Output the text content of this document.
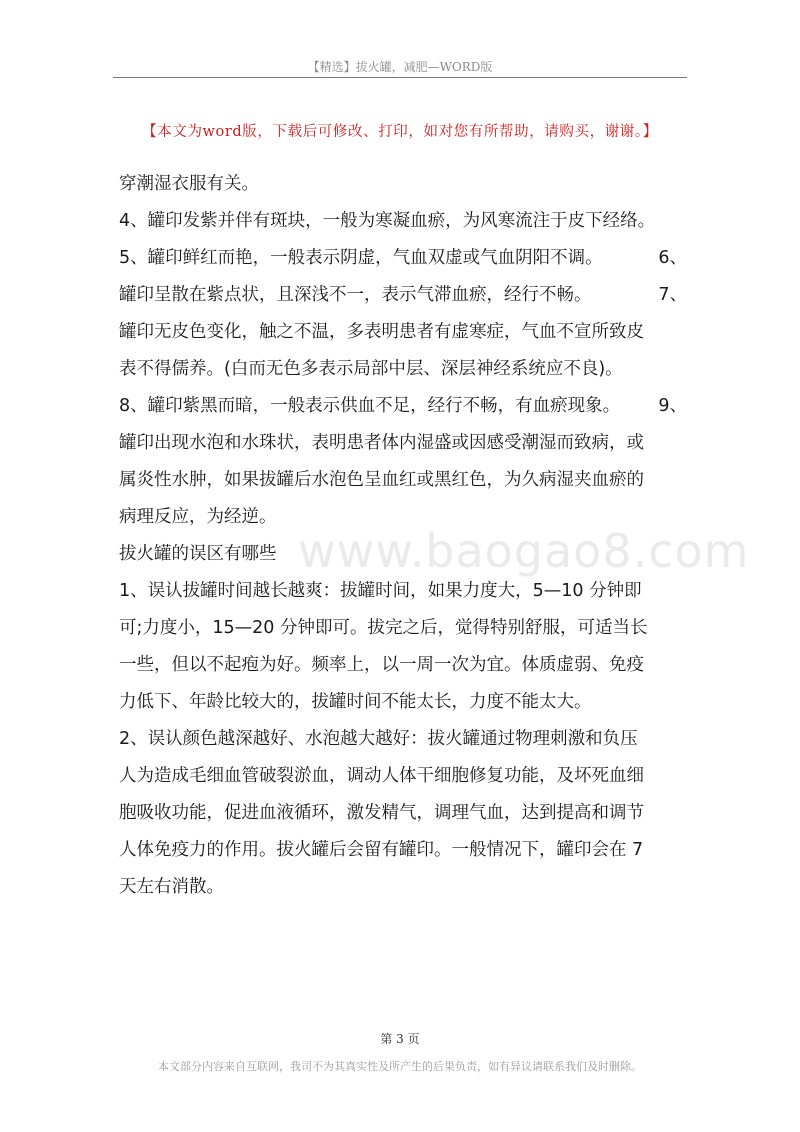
【精选】拔火罐，减肥—WORD版
【本文为word版，下载后可修改、打印，如对您有所帮助，请购买，谢谢。】
www.baogao8.com
穿潮湿衣服有关。
4、罐印发紫并伴有斑块，一般为寒凝血瘀，为风寒流注于皮下经络。
5、罐印鲜红而艳，一般表示阴虚，气血双虚或气血阴阳不调。	6、
罐印呈散在紫点状，且深浅不一，表示气滞血瘀，经行不畅。	7、
罐印无皮色变化，触之不温，多表明患者有虚寒症，气血不宣所致皮
表不得儒养。(白而无色多表示局部中层、深层神经系统应不良)。
8、罐印紫黑而暗，一般表示供血不足，经行不畅，有血瘀现象。 9、
罐印出现水泡和水珠状，表明患者体内湿盛或因感受潮湿而致病，或
属炎性水肿，如果拔罐后水泡色呈血红或黑红色，为久病湿夹血瘀的
病理反应，为经逆。
拔火罐的误区有哪些
1、误认拔罐时间越长越爽：拔罐时间，如果力度大，5—10 分钟即
可;力度小，15—20 分钟即可。拔完之后，觉得特别舒服，可适当长
一些，但以不起疱为好。频率上，以一周一次为宜。体质虚弱、免疫
力低下、年龄比较大的，拔罐时间不能太长，力度不能太大。
2、误认颜色越深越好、水泡越大越好：拔火罐通过物理刺激和负压
人为造成毛细血管破裂淤血，调动人体干细胞修复功能，及坏死血细
胞吸收功能，促进血液循环，激发精气，调理气血，达到提高和调节
人体免疫力的作用。拔火罐后会留有罐印。一般情况下，罐印会在 7
天左右消散。
第 3 页
本文部分内容来自互联网，我司不为其真实性及所产生的后果负责，如有异议请联系我们及时删除。
